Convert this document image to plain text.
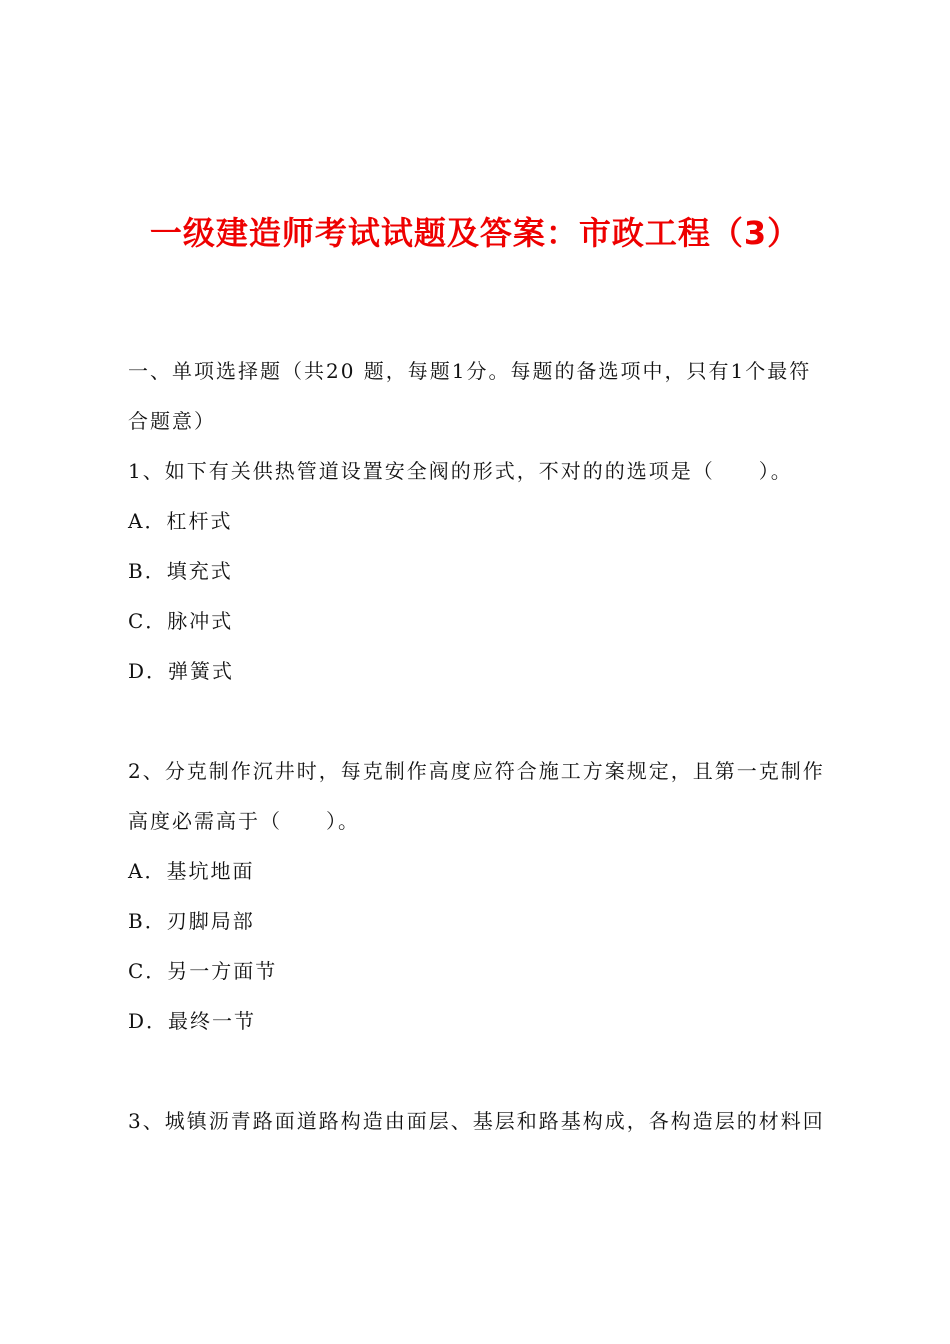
一级建造师考试试题及答案：市政工程（3）
一、单项选择题（共20 题，每题1分。每题的备选项中，只有1个最符
合题意）
1、如下有关供热管道设置安全阀的形式，不对的的选项是（　　）。
A．杠杆式
B．填充式
C．脉冲式
D．弹簧式
2、分克制作沉井时，每克制作高度应符合施工方案规定，且第一克制作
高度必需高于（　　）。
A．基坑地面
B．刃脚局部
C．另一方面节
D．最终一节
3、城镇沥青路面道路构造由面层、基层和路基构成，各构造层的材料回
